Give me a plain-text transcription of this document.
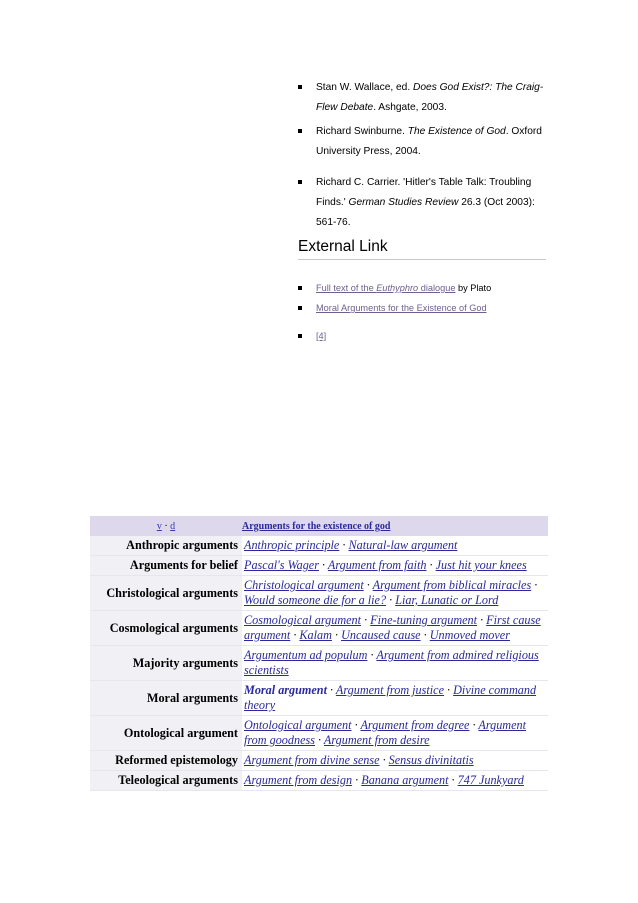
Stan W. Wallace, ed. Does God Exist?: The Craig-Flew Debate. Ashgate, 2003.
Richard Swinburne. The Existence of God. Oxford University Press, 2004.
Richard C. Carrier. 'Hitler's Table Talk: Troubling Finds.' German Studies Review 26.3 (Oct 2003): 561-76.
External Link
Full text of the Euthyphro dialogue by Plato
Moral Arguments for the Existence of God
[4]
v · d	Arguments for the existence of god	
Anthropic arguments	Anthropic principle · Natural-law argument	
Arguments for belief	Pascal's Wager · Argument from faith · Just hit your knees	
Christological arguments	Christological argument · Argument from biblical miracles · Would someone die for a lie? · Liar, Lunatic or Lord	
Cosmological arguments	Cosmological argument · Fine-tuning argument · First cause argument · Kalam · Uncaused cause · Unmoved mover	
Majority arguments	Argumentum ad populum · Argument from admired religious scientists	
Moral arguments	Moral argument · Argument from justice · Divine command theory	
Ontological argument	Ontological argument · Argument from degree · Argument from goodness · Argument from desire	
Reformed epistemology	Argument from divine sense · Sensus divinitatis	
Teleological arguments	Argument from design · Banana argument · 747 Junkyard	
